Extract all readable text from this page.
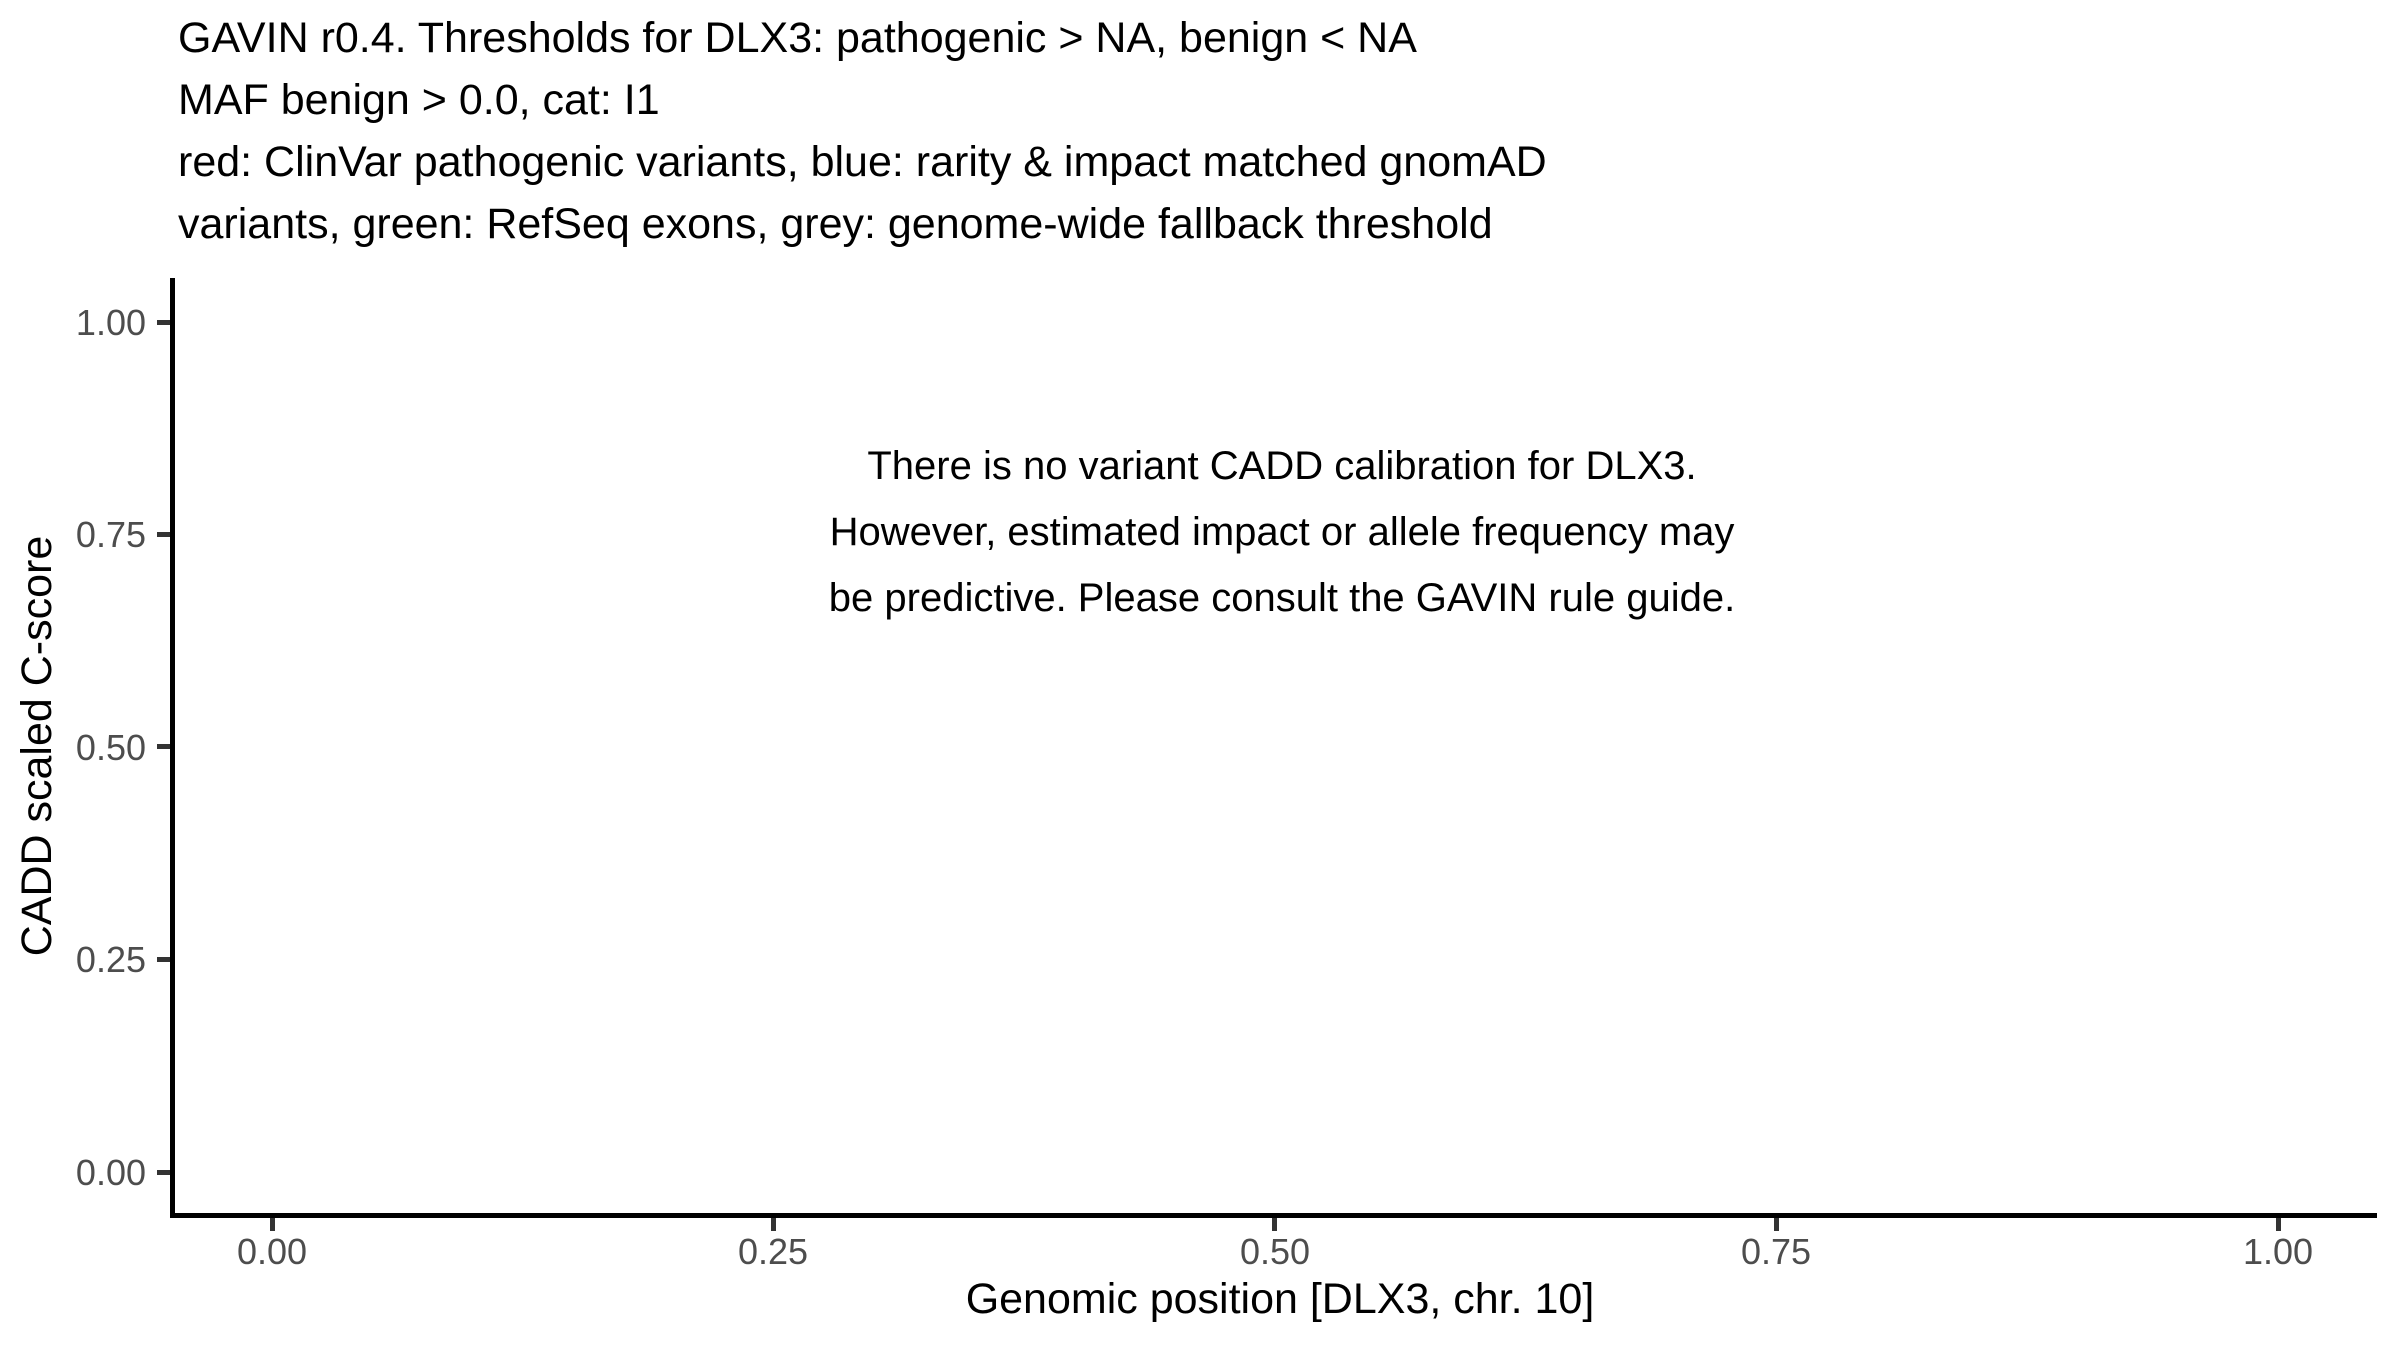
GAVIN r0.4. Thresholds for DLX3: pathogenic > NA, benign < NA
MAF benign > 0.0, cat: I1
red: ClinVar pathogenic variants, blue: rarity & impact matched gnomAD
variants, green: RefSeq exons, grey: genome-wide fallback threshold
1.00
0.75
0.50
0.25
0.00
0.00	0.25	0.50	0.75	1.00
There is no variant CADD calibration for DLX3.
However, estimated impact or allele frequency may
be predictive. Please consult the GAVIN rule guide.
Genomic position [DLX3, chr. 10]
CADD scaled C-score
